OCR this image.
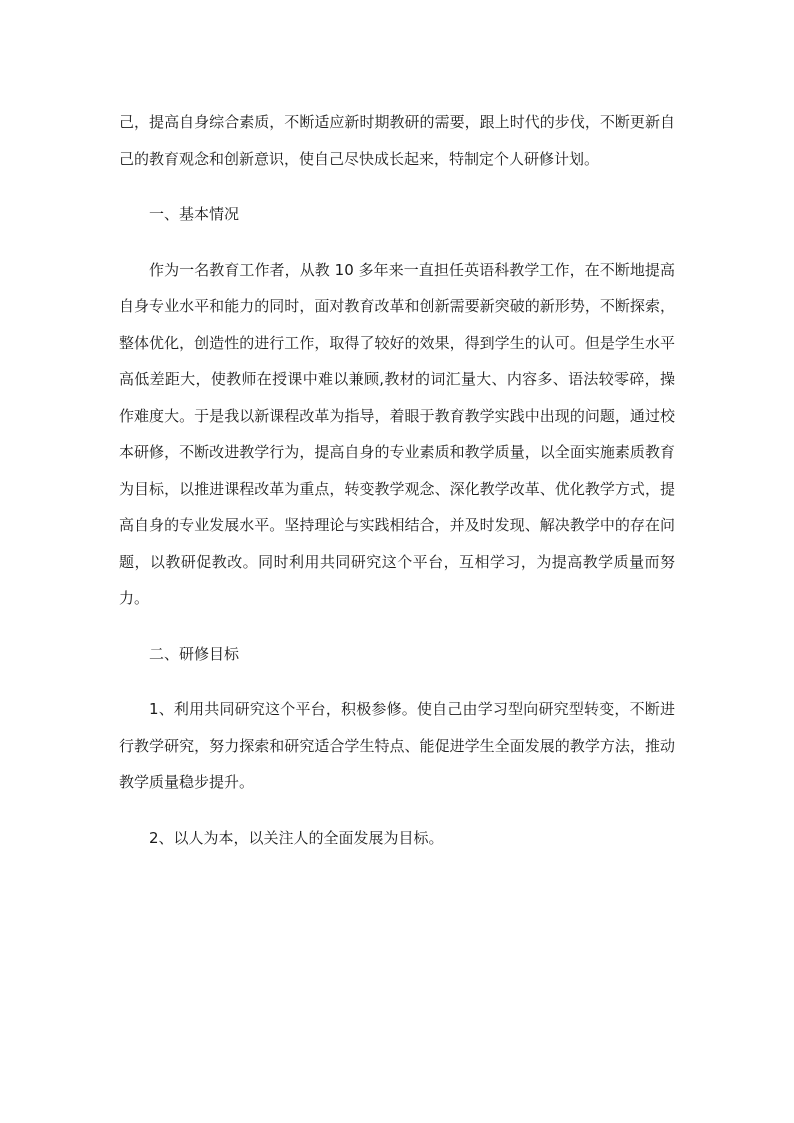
己，提高自身综合素质，不断适应新时期教研的需要，跟上时代的步伐，不断更新自己的教育观念和创新意识，使自己尽快成长起来，特制定个人研修计划。

一、基本情况

作为一名教育工作者，从教 10 多年来一直担任英语科教学工作，在不断地提高自身专业水平和能力的同时，面对教育改革和创新需要新突破的新形势，不断探索，整体优化，创造性的进行工作，取得了较好的效果，得到学生的认可。但是学生水平高低差距大，使教师在授课中难以兼顾,教材的词汇量大、内容多、语法较零碎，操作难度大。于是我以新课程改革为指导，着眼于教育教学实践中出现的问题，通过校本研修，不断改进教学行为，提高自身的专业素质和教学质量，以全面实施素质教育为目标，以推进课程改革为重点，转变教学观念、深化教学改革、优化教学方式，提高自身的专业发展水平。坚持理论与实践相结合，并及时发现、解决教学中的存在问题，以教研促教改。同时利用共同研究这个平台，互相学习，为提高教学质量而努力。

二、研修目标

1、利用共同研究这个平台，积极参修。使自己由学习型向研究型转变，不断进行教学研究，努力探索和研究适合学生特点、能促进学生全面发展的教学方法，推动教学质量稳步提升。

2、以人为本，以关注人的全面发展为目标。
